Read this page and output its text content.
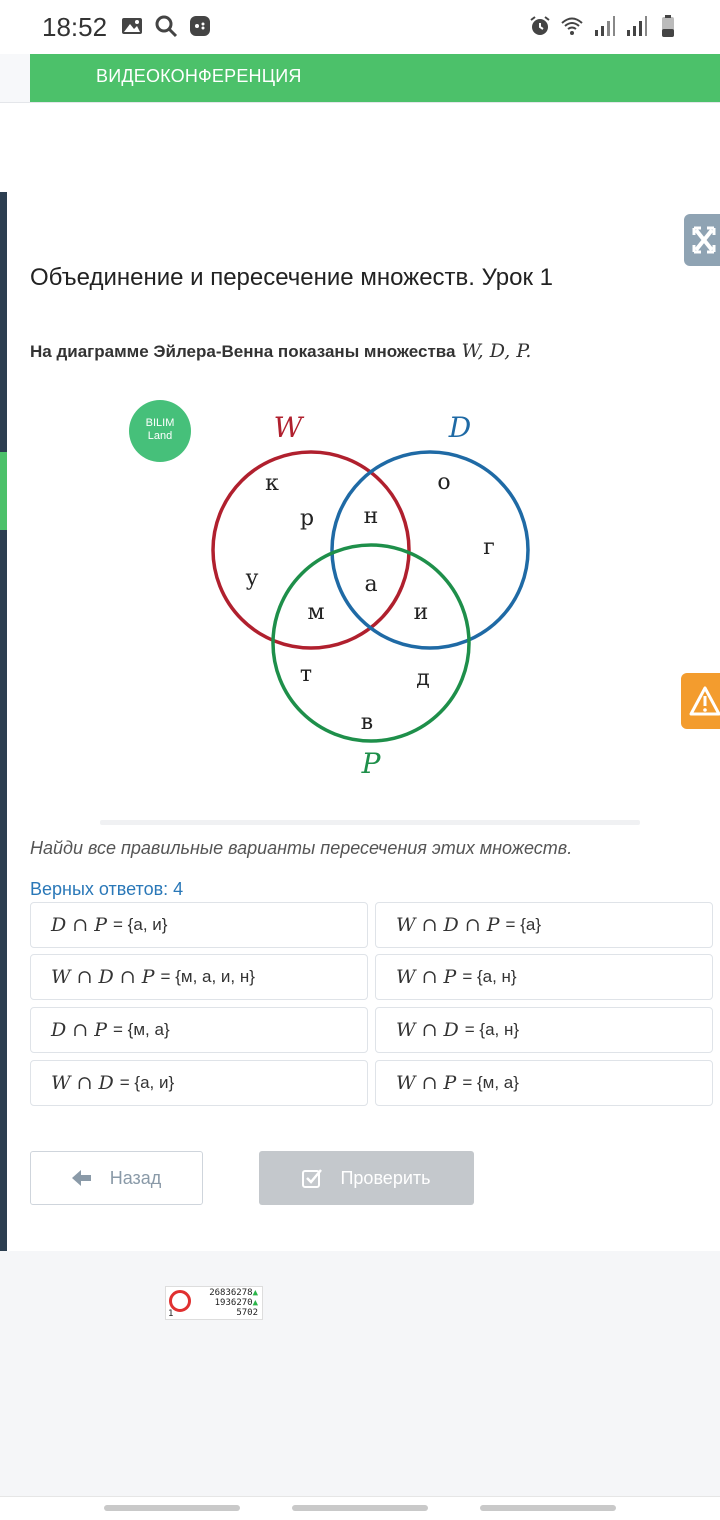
18:52
ВИДЕОКОНФЕРЕНЦИЯ
Объединение и пересечение множеств. Урок 1
На диаграмме Эйлера-Венна показаны множества W, D, P.
BILIM
Land	W	D
P
к
р
у
н
о
г
а
м	и
т	д
в
Найди все правильные варианты пересечения этих множеств.
Верных ответов: 4
D ∩ P = {а, и}	W ∩ D ∩ P = {а}
W ∩ D ∩ P = {м, а, и, н}	W ∩ P = {а, н}
D ∩ P = {м, а}	W ∩ D = {а, н}
W ∩ D = {а, и}	W ∩ P = {м, а}
Назад	Проверить
26836278▲
1936270▲
5702
1
